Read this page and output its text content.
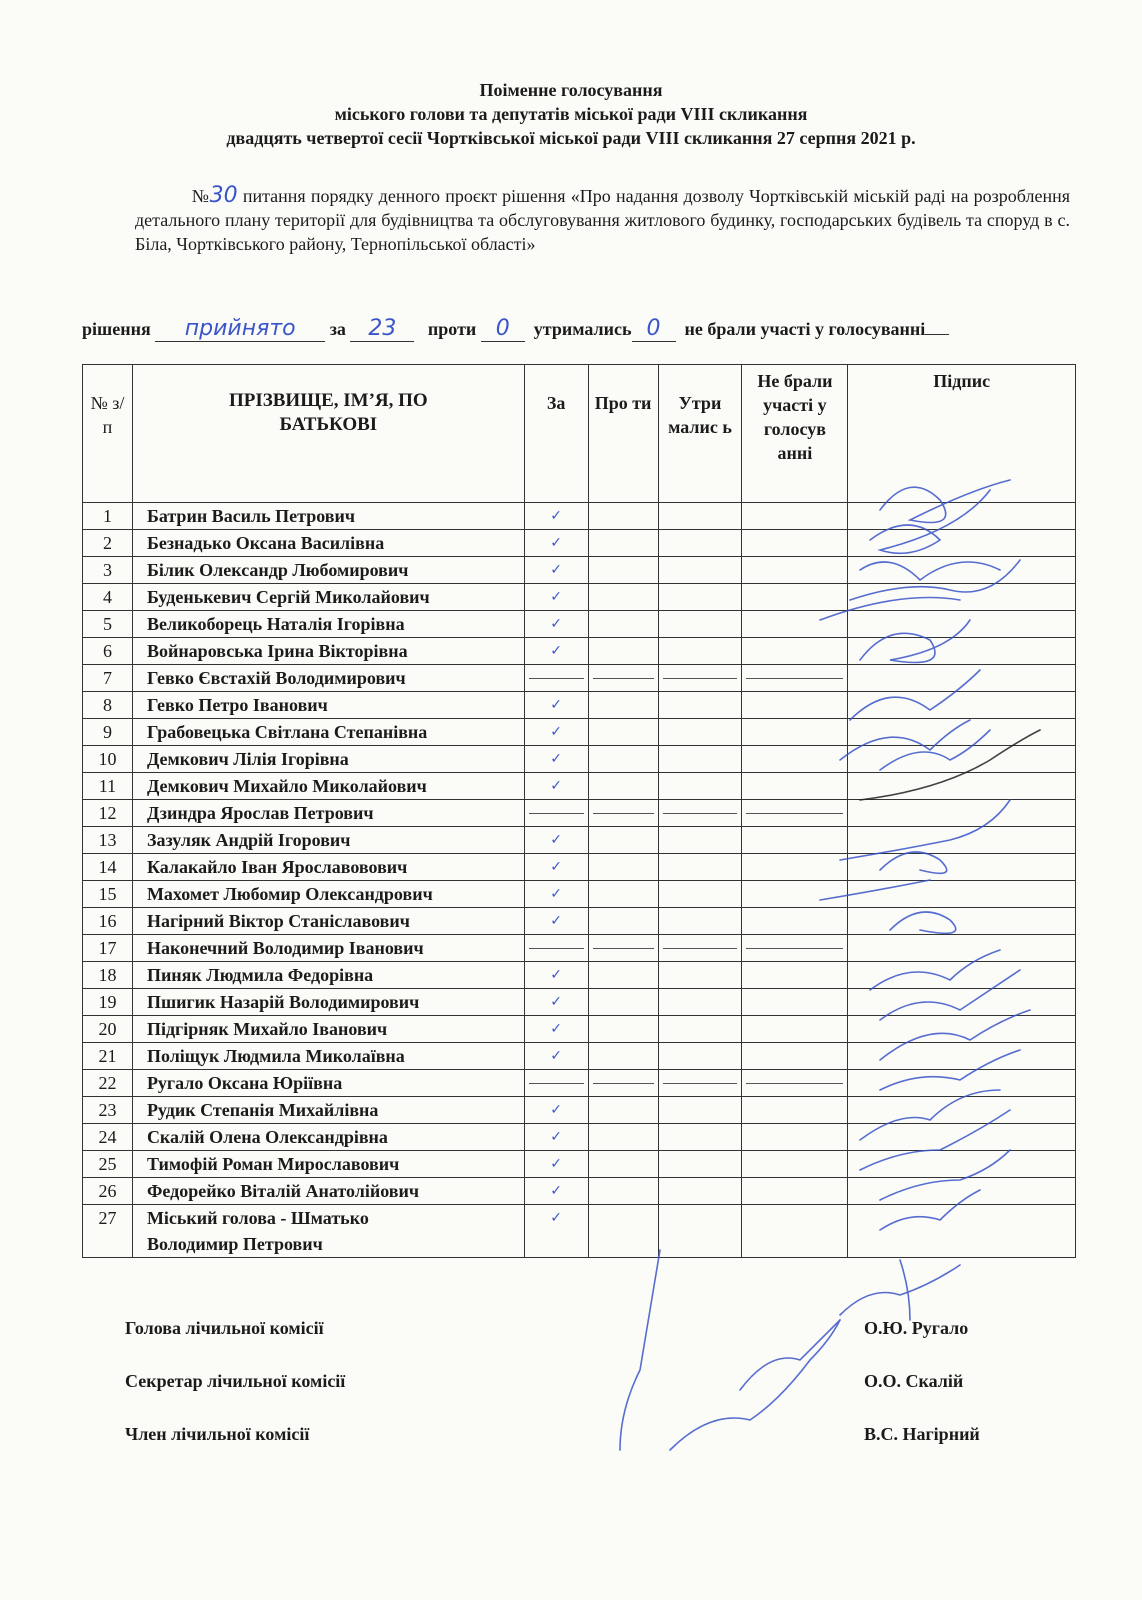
Поіменне голосування
міського голови та депутатів міської ради VIII скликання
двадцять четвертої сесії Чортківської міської ради VIII скликання 27 серпня 2021 р.
№30 питання порядку денного проєкт рішення «Про надання дозволу Чортківській міській раді на розроблення детального плану території для будівництва та обслуговування житлового будинку, господарських будівель та споруд в с. Біла, Чортківського району, Тернопільської області»
рішення прийнято за 23 проти 0 утримались 0 не брали участі у голосуванні
№ з/п	ПРІЗВИЩЕ, ІМ’Я, ПО БАТЬКОВІ	За	Про ти	Утри малис ь	Не брали участі у голосув анні	Підпис
1	Батрин Василь Петрович	✓				
2	Безнадько Оксана Василівна	✓				
3	Білик Олександр Любомирович	✓				
4	Буденькевич Сергій Миколайович	✓				
5	Великоборець Наталія Ігорівна	✓				
6	Войнаровська Ірина Вікторівна	✓				
7	Гевко Євстахій Володимирович	

8	Гевко Петро Іванович	✓				
9	Грабовецька Світлана Степанівна	✓				
10	Демкович Лілія Ігорівна	✓				
11	Демкович Михайло Миколайович	✓				
12	Дзиндра Ярослав Петрович	

13	Зазуляк Андрій Ігорович	✓				
14	Калакайло Іван Ярославовович	✓				
15	Махомет Любомир Олександрович	✓				
16	Нагірний Віктор Станіславович	✓				
17	Наконечний Володимир Іванович	

18	Пиняк Людмила Федорівна	✓				
19	Пшигик Назарій Володимирович	✓				
20	Підгірняк Михайло Іванович	✓				
21	Поліщук Людмила Миколаївна	✓				
22	Ругало Оксана Юріївна	

23	Рудик Степанія Михайлівна	✓				
24	Скалій Олена Олександрівна	✓				
25	Тимофій Роман Мирославович	✓				
26	Федорейко Віталій Анатолійович	✓				
27	Міський голова - Шматько
Володимир Петрович	✓				
Голова лічильної комісії	О.Ю. Ругало
Секретар лічильної комісії	О.О. Скалій
Член лічильної комісії	В.С. Нагірний
